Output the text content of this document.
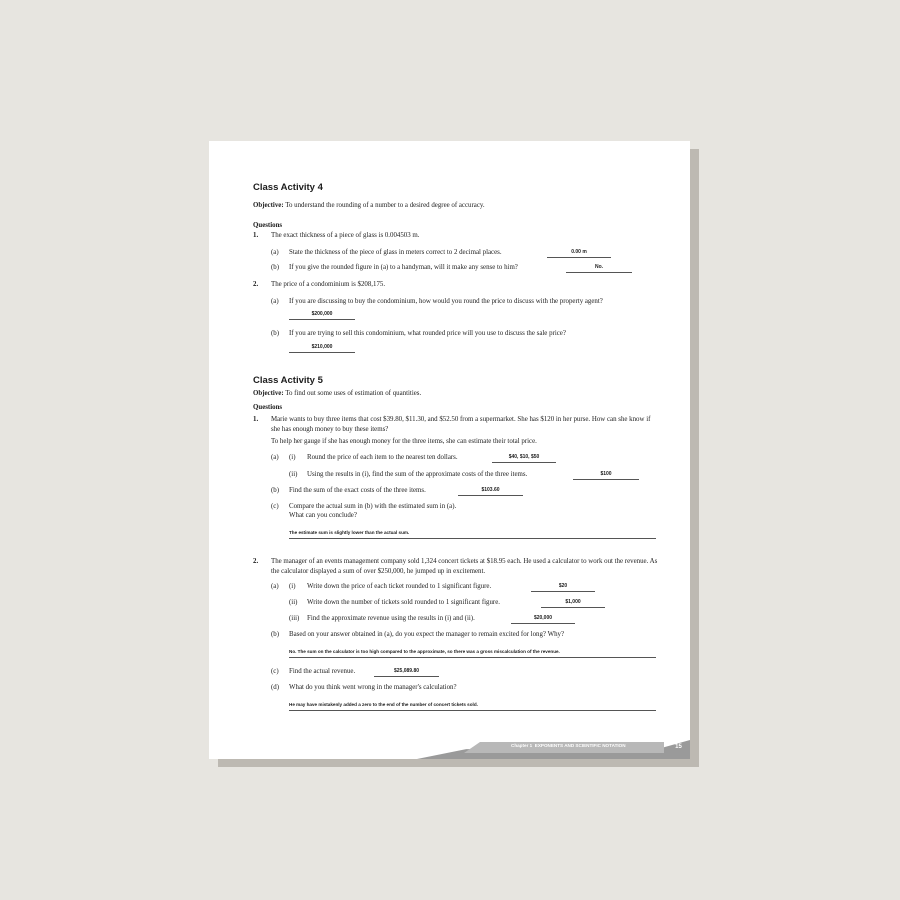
Class Activity 4
Objective: To understand the rounding of a number to a desired degree of accuracy.
Questions
1. The exact thickness of a piece of glass is 0.004503 m.
(a) State the thickness of the piece of glass in meters correct to 2 decimal places.	0.00 m
(b) If you give the rounded figure in (a) to a handyman, will it make any sense to him?	No.
2. The price of a condominium is $208,175.
(a) If you are discussing to buy the condominium, how would you round the price to discuss with the property agent?
$200,000
(b) If you are trying to sell this condominium, what rounded price will you use to discuss the sale price?
$210,000
Class Activity 5
Objective: To find out some uses of estimation of quantities.
Questions
1. Marie wants to buy three items that cost $39.80, $11.30, and $52.50 from a supermarket. She has $120 in her purse. How can she know if she has enough money to buy these items?
To help her gauge if she has enough money for the three items, she can estimate their total price.
(a) (i) Round the price of each item to the nearest ten dollars.	$40, $10, $50
(ii) Using the results in (i), find the sum of the approximate costs of the three items.	$100
(b) Find the sum of the exact costs of the three items.	$103.60
(c) Compare the actual sum in (b) with the estimated sum in (a).
What can you conclude?
The estimate sum is slightly lower than the actual sum.
2. The manager of an events management company sold 1,324 concert tickets at $18.95 each. He used a calculator to work out the revenue. As the calculator displayed a sum of over $250,000, he jumped up in excitement.
(a) (i) Write down the price of each ticket rounded to 1 significant figure.	$20
(ii) Write down the number of tickets sold rounded to 1 significant figure.	$1,000
(iii) Find the approximate revenue using the results in (i) and (ii).	$20,000
(b) Based on your answer obtained in (a), do you expect the manager to remain excited for long? Why?
No. The sum on the calculator is too high compared to the approximate, so there was a gross miscalculation of the revenue.
(c) Find the actual revenue.	$25,089.80
(d) What do you think went wrong in the manager's calculation?
He may have mistakenly added a zero to the end of the number of concert tickets sold.
Chapter 1 EXPONENTS AND SCIENTIFIC NOTATION	15
